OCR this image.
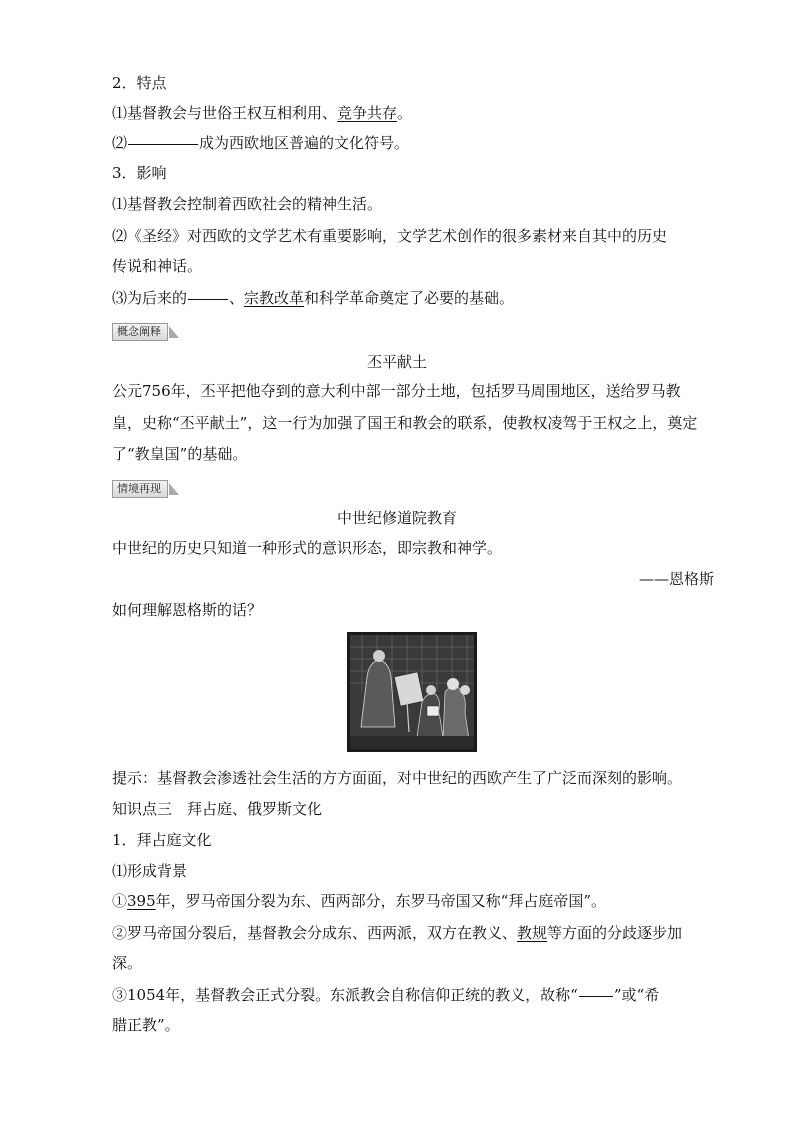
2．特点
⑴基督教会与世俗王权互相利用、竞争共存。
⑵	成为西欧地区普遍的文化符号。
3．影响
⑴基督教会控制着西欧社会的精神生活。
⑵《圣经》对西欧的文学艺术有重要影响，文学艺术创作的很多素材来自其中的历史
传说和神话。
⑶为后来的	、宗教改革和科学革命奠定了必要的基础。
概念阐释
丕平献土
公元756年，丕平把他夺到的意大利中部一部分土地，包括罗马周围地区，送给罗马教
皇，史称“丕平献土”，这一行为加强了国王和教会的联系，使教权凌驾于王权之上，奠定
了“教皇国”的基础。
情境再现
中世纪修道院教育
中世纪的历史只知道一种形式的意识形态，即宗教和神学。
——恩格斯
如何理解恩格斯的话？
提示：基督教会渗透社会生活的方方面面，对中世纪的西欧产生了广泛而深刻的影响。
知识点三　拜占庭、俄罗斯文化
1．拜占庭文化
⑴形成背景
①395年，罗马帝国分裂为东、西两部分，东罗马帝国又称“拜占庭帝国”。
②罗马帝国分裂后，基督教会分成东、西两派，双方在教义、教规等方面的分歧逐步加
深。
③1054年，基督教会正式分裂。东派教会自称信仰正统的教义，故称“ ”或“希
腊正教”。
